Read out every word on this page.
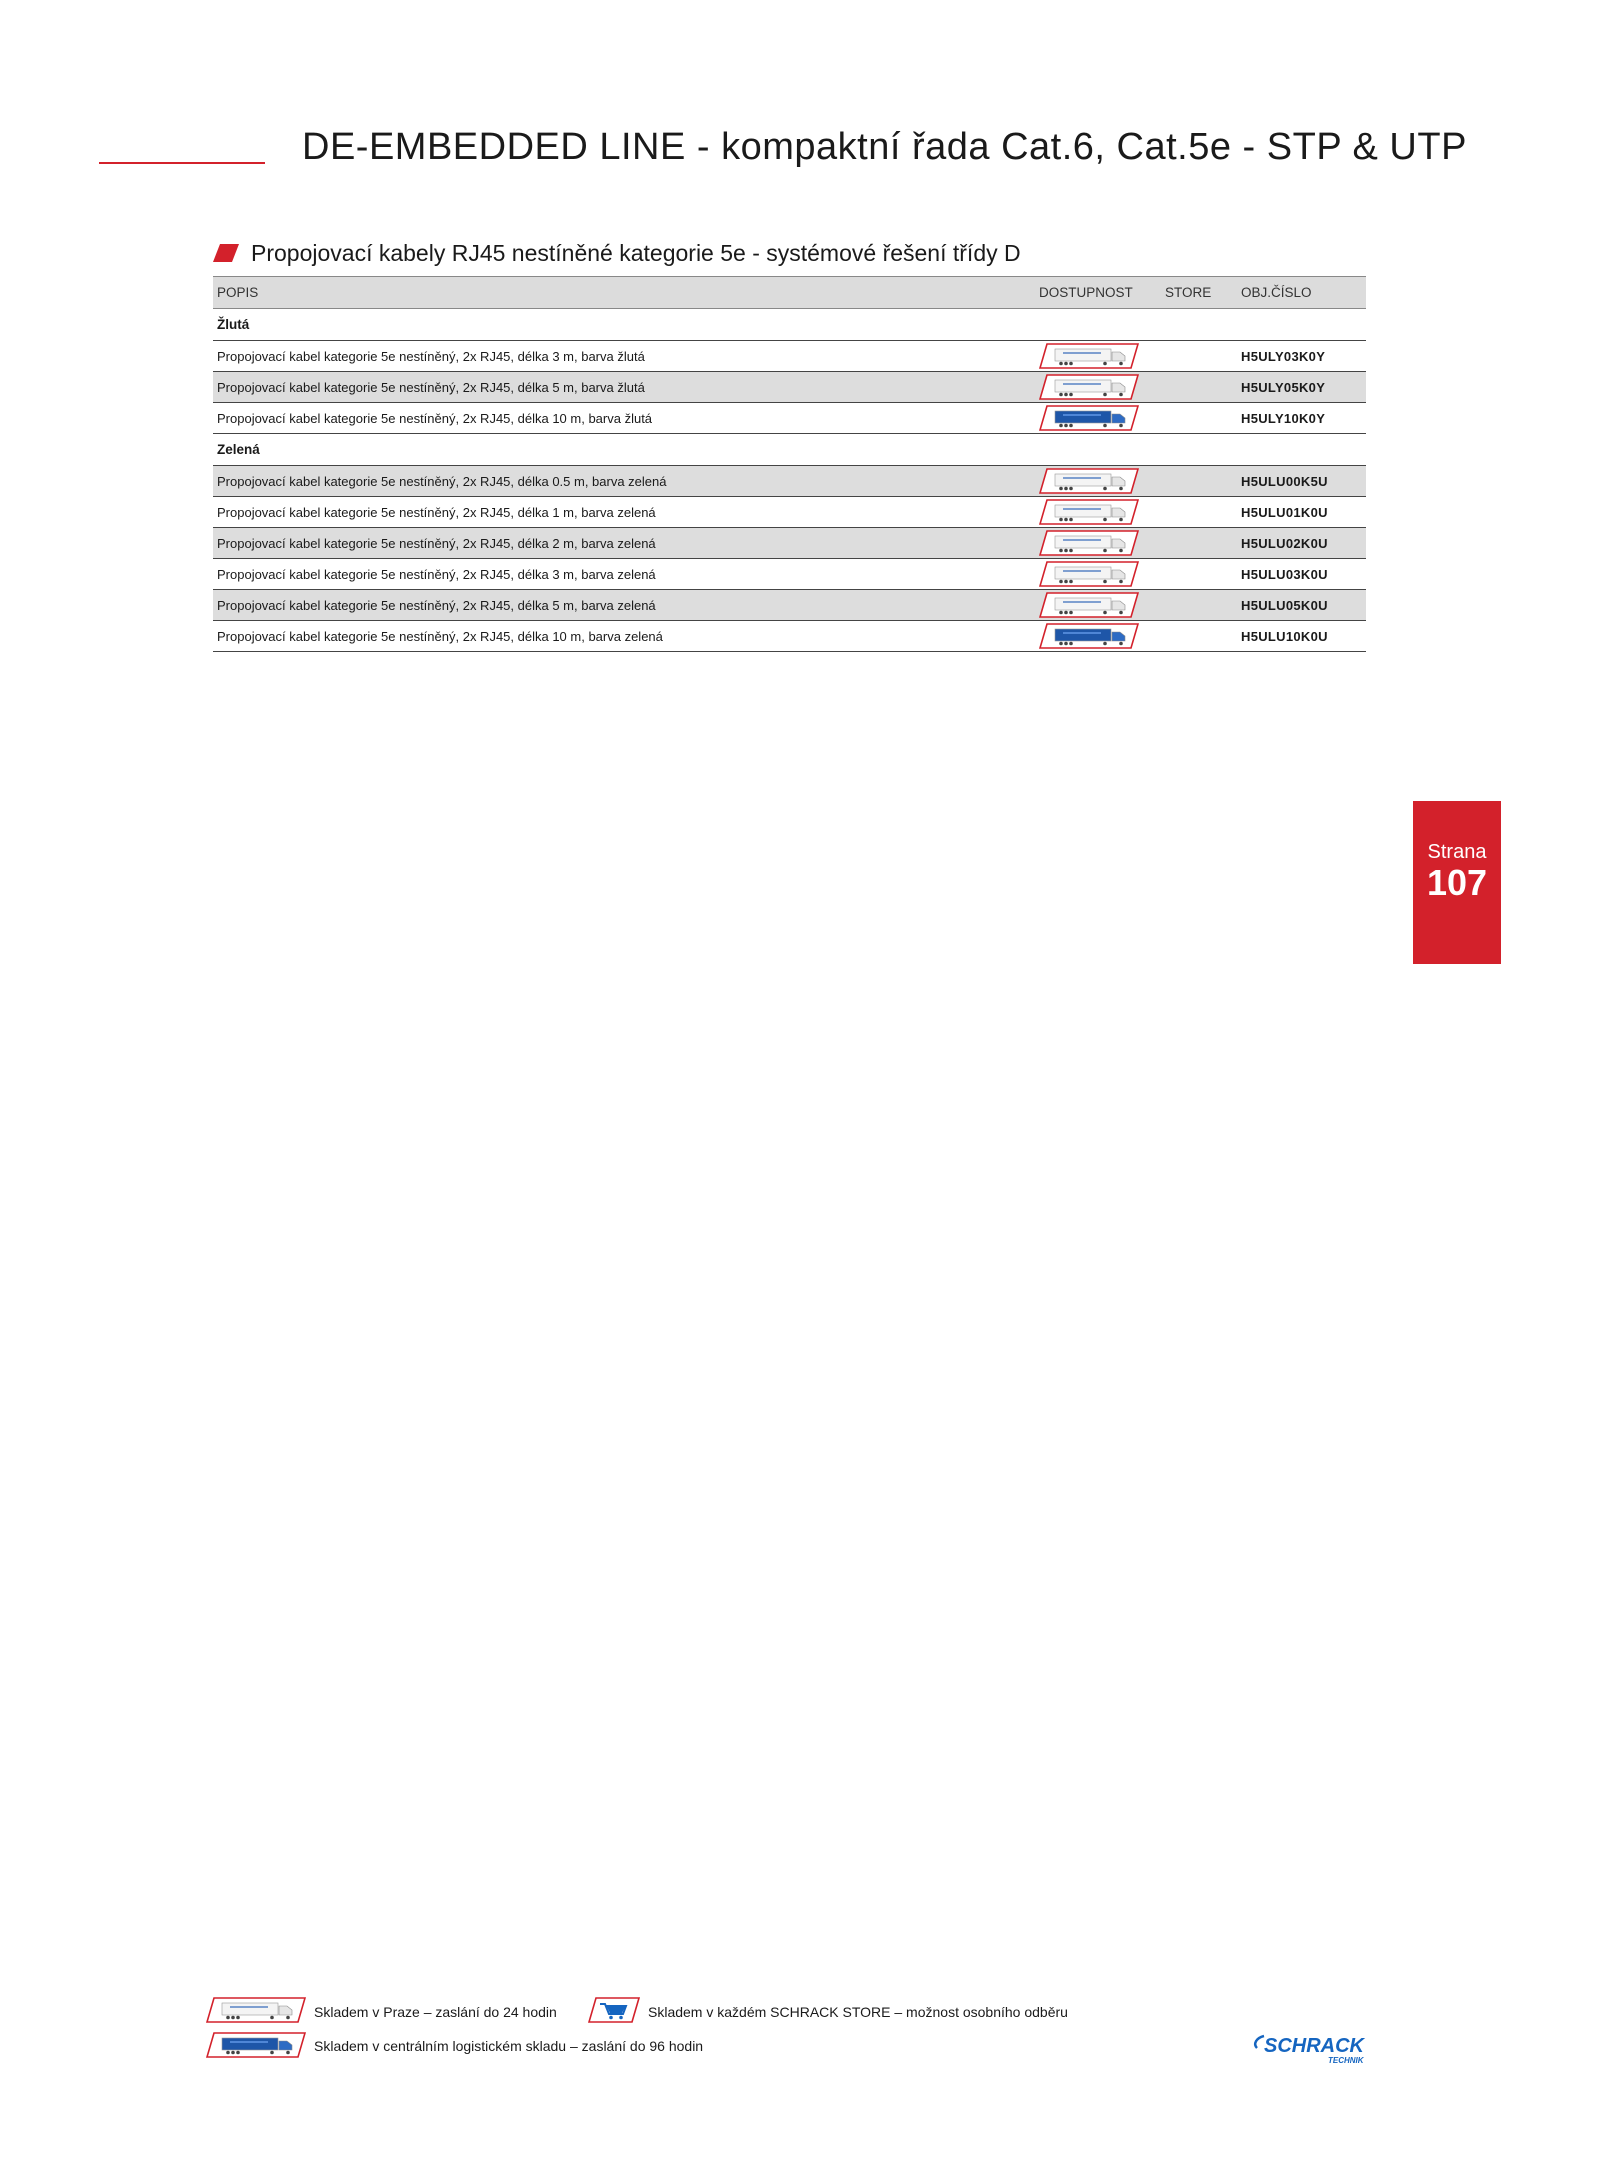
DE-EMBEDDED LINE - kompaktní řada Cat.6, Cat.5e - STP & UTP
Propojovací kabely RJ45 nestíněné kategorie 5e - systémové řešení třídy D
POPIS	DOSTUPNOST	STORE	OBJ.ČÍSLO
Žlutá			
Propojovací kabel kategorie 5e nestíněný, 2x RJ45, délka 3 m, barva žlutá			H5ULY03K0Y
Propojovací kabel kategorie 5e nestíněný, 2x RJ45, délka 5 m, barva žlutá			H5ULY05K0Y
Propojovací kabel kategorie 5e nestíněný, 2x RJ45, délka 10 m, barva žlutá			H5ULY10K0Y
Zelená			
Propojovací kabel kategorie 5e nestíněný, 2x RJ45, délka 0.5 m, barva zelená			H5ULU00K5U
Propojovací kabel kategorie 5e nestíněný, 2x RJ45, délka 1 m, barva zelená			H5ULU01K0U
Propojovací kabel kategorie 5e nestíněný, 2x RJ45, délka 2 m, barva zelená			H5ULU02K0U
Propojovací kabel kategorie 5e nestíněný, 2x RJ45, délka 3 m, barva zelená			H5ULU03K0U
Propojovací kabel kategorie 5e nestíněný, 2x RJ45, délka 5 m, barva zelená			H5ULU05K0U
Propojovací kabel kategorie 5e nestíněný, 2x RJ45, délka 10 m, barva zelená			H5ULU10K0U
Strana
107
Skladem v Praze – zaslání do 24 hodin	Skladem v každém SCHRACK STORE – možnost osobního odběru
Skladem v centrálním logistickém skladu – zaslání do 96 hodin	SCHRACK
TECHNIK
